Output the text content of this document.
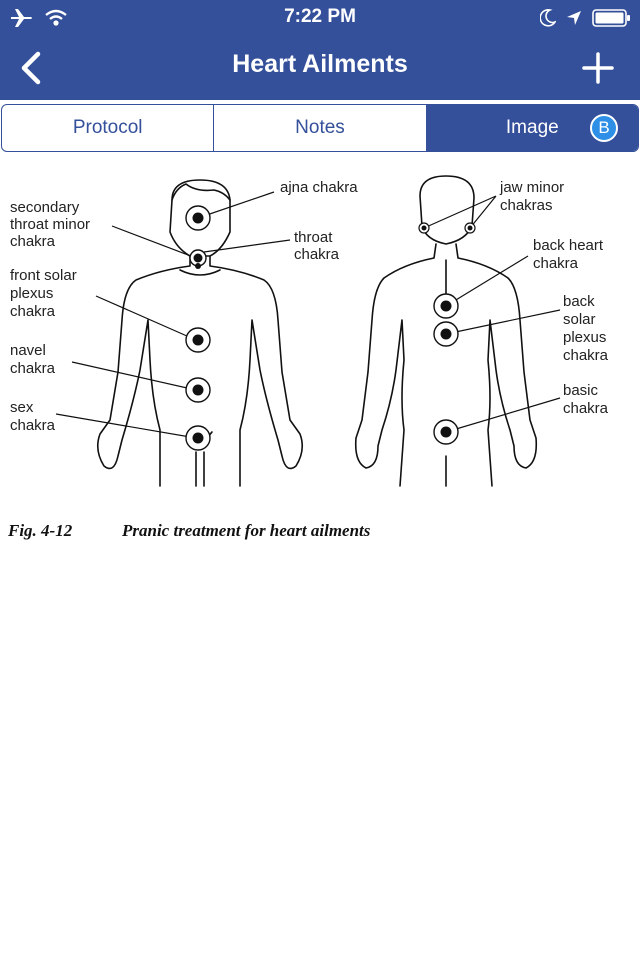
7:22 PM
Heart Ailments
Protocol	Notes	Image	B
ajna chakra
secondary
throat minor
chakra	throat
chakra
front solar
plexus
chakra
navel
chakra
sex
chakra
jaw minor
chakras
back heart
chakra
back
solar
plexus
chakra
basic
chakra
Fig. 4-12	Pranic treatment for heart ailments
